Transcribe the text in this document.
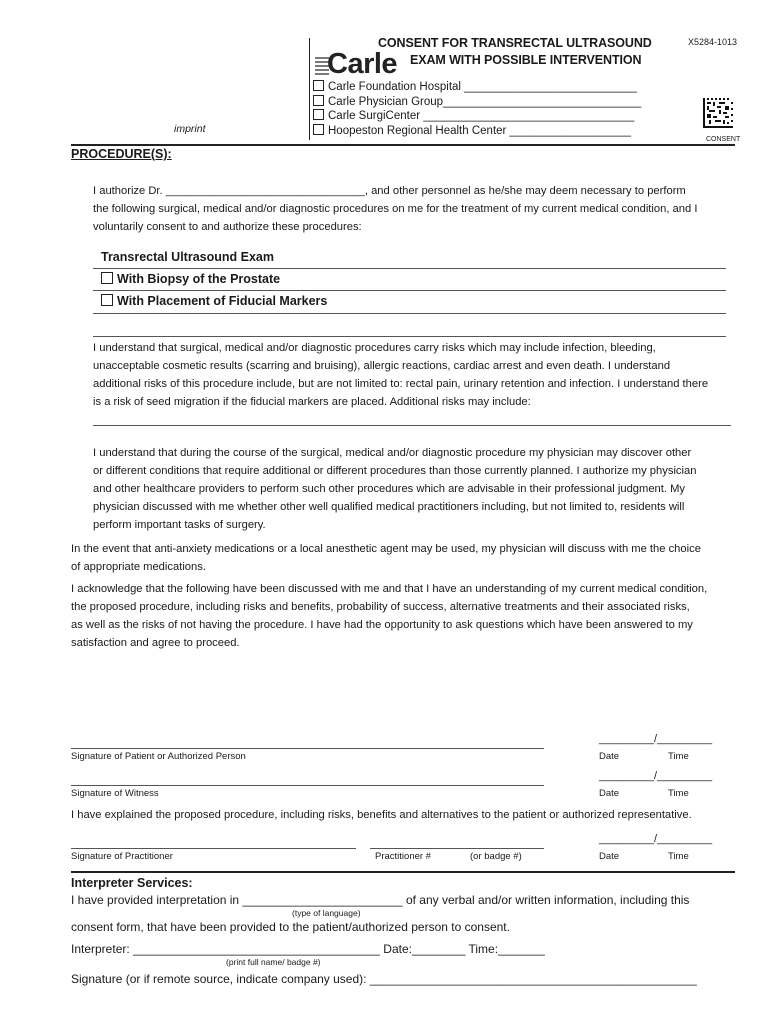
Carle
CONSENT FOR TRANSRECTAL ULTRASOUND
EXAM WITH POSSIBLE INTERVENTION
X5284-1013
Carle Foundation Hospital ___________________________
Carle Physician Group_______________________________
Carle SurgiCenter _________________________________
Hoopeston Regional Health Center ___________________
imprint
CONSENT
PROCEDURE(S):

I authorize Dr. ________________________________, and other personnel as he/she may deem necessary to perform

the following surgical, medical and/or diagnostic procedures on me for the treatment of my current medical condition, and I

voluntarily consent to and authorize these procedures:

Transrectal Ultrasound Exam
With Biopsy of the Prostate
With Placement of Fiducial Markers

I understand that surgical, medical and/or diagnostic procedures carry risks which may include infection, bleeding,

unacceptable cosmetic results (scarring and bruising), allergic reactions, cardiac arrest and even death. I understand

additional risks of this procedure include, but are not limited to: rectal pain, urinary retention and infection. I understand there

is a risk of seed migration if the fiducial markers are placed. Additional risks may include:

I understand that during the course of the surgical, medical and/or diagnostic procedure my physician may discover other

or different conditions that require additional or different procedures than those currently planned. I authorize my physician

and other healthcare providers to perform such other procedures which are advisable in their professional judgment. My

physician discussed with me whether other well qualified medical practitioners including, but not limited to, residents will

perform important tasks of surgery.

In the event that anti-anxiety medications or a local anesthetic agent may be used, my physician will discuss with me the choice

of appropriate medications.

I acknowledge that the following have been discussed with me and that I have an understanding of my current medical condition,

the proposed procedure, including risks and benefits, probability of success, alternative treatments and their associated risks,

as well as the risks of not having the procedure. I have had the opportunity to ask questions which have been answered to my

satisfaction and agree to proceed.

_________/_________
Signature of Patient or Authorized Person	Date	Time
_________/_________
Signature of Witness	Date	Time
I have explained the proposed procedure, including risks, benefits and alternatives to the patient or authorized representative.
_________/_________
Signature of Practitioner	Practitioner #	(or badge #)	Date	Time
Interpreter Services:
I have provided interpretation in ________________________ of any verbal and/or written information, including this
(type of language)
consent form, that have been provided to the patient/authorized person to consent.
Interpreter: _____________________________________ Date:________ Time:_______
(print full name/ badge #)
Signature (or if remote source, indicate company used): _________________________________________________
